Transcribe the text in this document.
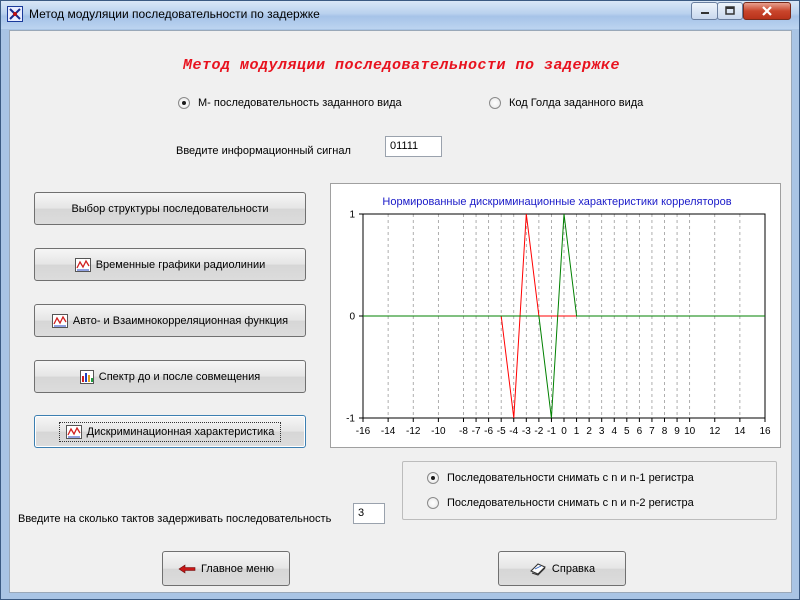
Метод модуляции последовательности по задержке
Метод модуляции последовательности по задержке
М- последовательность заданного вида	Код Голда заданного вида
Введите информационный сигнал	01111
Выбор структуры последовательности
Временные графики радиолинии
Авто- и Взаимнокорреляционная функция
Спектр до и после совмещения
Дискриминационная характеристика
Нормированные дискриминационные характеристики корреляторов
-16 -14 -12 -10 -8 -7 -6 -5 -4 -3 -2 -1 0 1 2 3 4 5 6 7 8 9 10 12 14 16
-1
0
1
Последовательности снимать с n и n-1 регистра
Последовательности снимать с n и n-2 регистра
Введите на сколько тактов задерживать последовательность	3
Главное меню	Справка
